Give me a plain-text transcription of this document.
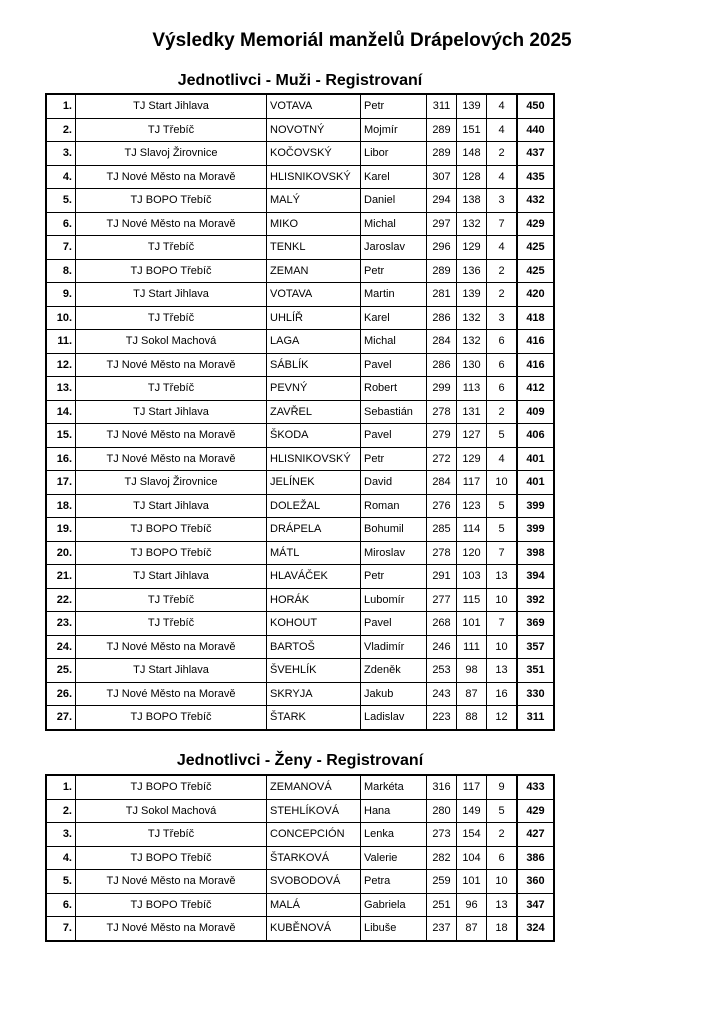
Výsledky Memoriál manželů Drápelových 2025
Jednotlivci - Muži - Registrovaní
1.	TJ Start Jihlava	VOTAVA	Petr	311	139	4	450
2.	TJ Třebíč	NOVOTNÝ	Mojmír	289	151	4	440
3.	TJ Slavoj Žirovnice	KOČOVSKÝ	Libor	289	148	2	437
4.	TJ Nové Město na Moravě	HLISNIKOVSKÝ	Karel	307	128	4	435
5.	TJ BOPO Třebíč	MALÝ	Daniel	294	138	3	432
6.	TJ Nové Město na Moravě	MIKO	Michal	297	132	7	429
7.	TJ Třebíč	TENKL	Jaroslav	296	129	4	425
8.	TJ BOPO Třebíč	ZEMAN	Petr	289	136	2	425
9.	TJ Start Jihlava	VOTAVA	Martin	281	139	2	420
10.	TJ Třebíč	UHLÍŘ	Karel	286	132	3	418
11.	TJ Sokol Machová	LAGA	Michal	284	132	6	416
12.	TJ Nové Město na Moravě	SÁBLÍK	Pavel	286	130	6	416
13.	TJ Třebíč	PEVNÝ	Robert	299	113	6	412
14.	TJ Start Jihlava	ZAVŘEL	Sebastián	278	131	2	409
15.	TJ Nové Město na Moravě	ŠKODA	Pavel	279	127	5	406
16.	TJ Nové Město na Moravě	HLISNIKOVSKÝ	Petr	272	129	4	401
17.	TJ Slavoj Žirovnice	JELÍNEK	David	284	117	10	401
18.	TJ Start Jihlava	DOLEŽAL	Roman	276	123	5	399
19.	TJ BOPO Třebíč	DRÁPELA	Bohumil	285	114	5	399
20.	TJ BOPO Třebíč	MÁTL	Miroslav	278	120	7	398
21.	TJ Start Jihlava	HLAVÁČEK	Petr	291	103	13	394
22.	TJ Třebíč	HORÁK	Lubomír	277	115	10	392
23.	TJ Třebíč	KOHOUT	Pavel	268	101	7	369
24.	TJ Nové Město na Moravě	BARTOŠ	Vladimír	246	111	10	357
25.	TJ Start Jihlava	ŠVEHLÍK	Zdeněk	253	98	13	351
26.	TJ Nové Město na Moravě	SKRYJA	Jakub	243	87	16	330
27.	TJ BOPO Třebíč	ŠTARK	Ladislav	223	88	12	311
Jednotlivci - Ženy - Registrovaní
1.	TJ BOPO Třebíč	ZEMANOVÁ	Markéta	316	117	9	433
2.	TJ Sokol Machová	STEHLÍKOVÁ	Hana	280	149	5	429
3.	TJ Třebíč	CONCEPCIÓN	Lenka	273	154	2	427
4.	TJ BOPO Třebíč	ŠTARKOVÁ	Valerie	282	104	6	386
5.	TJ Nové Město na Moravě	SVOBODOVÁ	Petra	259	101	10	360
6.	TJ BOPO Třebíč	MALÁ	Gabriela	251	96	13	347
7.	TJ Nové Město na Moravě	KUBĚNOVÁ	Libuše	237	87	18	324
